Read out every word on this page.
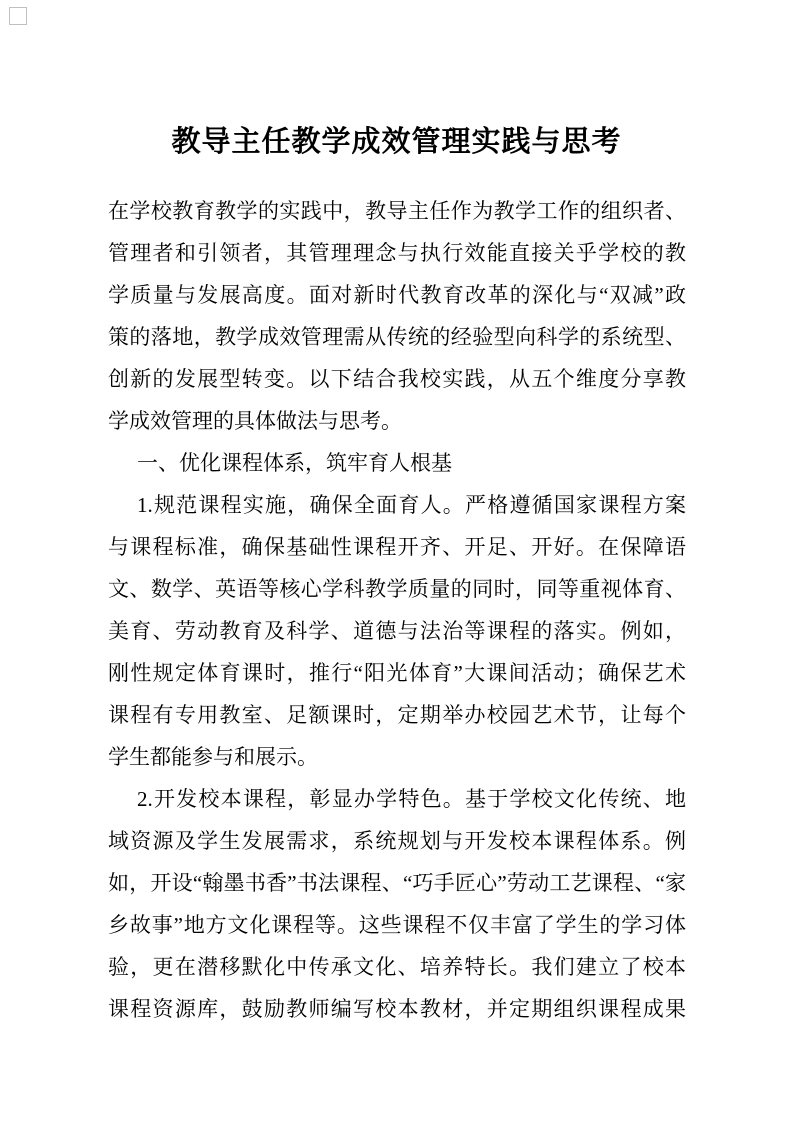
教导主任教学成效管理实践与思考
在学校教育教学的实践中，教导主任作为教学工作的组织者、
管理者和引领者，其管理理念与执行效能直接关乎学校的教
学质量与发展高度。面对新时代教育改革的深化与“双减”政
策的落地，教学成效管理需从传统的经验型向科学的系统型、
创新的发展型转变。以下结合我校实践，从五个维度分享教
学成效管理的具体做法与思考。
一、优化课程体系，筑牢育人根基
1.规范课程实施，确保全面育人。严格遵循国家课程方案
与课程标准，确保基础性课程开齐、开足、开好。在保障语
文、数学、英语等核心学科教学质量的同时，同等重视体育、
美育、劳动教育及科学、道德与法治等课程的落实。例如，
刚性规定体育课时，推行“阳光体育”大课间活动；确保艺术
课程有专用教室、足额课时，定期举办校园艺术节，让每个
学生都能参与和展示。
2.开发校本课程，彰显办学特色。基于学校文化传统、地
域资源及学生发展需求，系统规划与开发校本课程体系。例
如，开设“翰墨书香”书法课程、“巧手匠心”劳动工艺课程、“家
乡故事”地方文化课程等。这些课程不仅丰富了学生的学习体
验，更在潜移默化中传承文化、培养特长。我们建立了校本
课程资源库，鼓励教师编写校本教材，并定期组织课程成果
